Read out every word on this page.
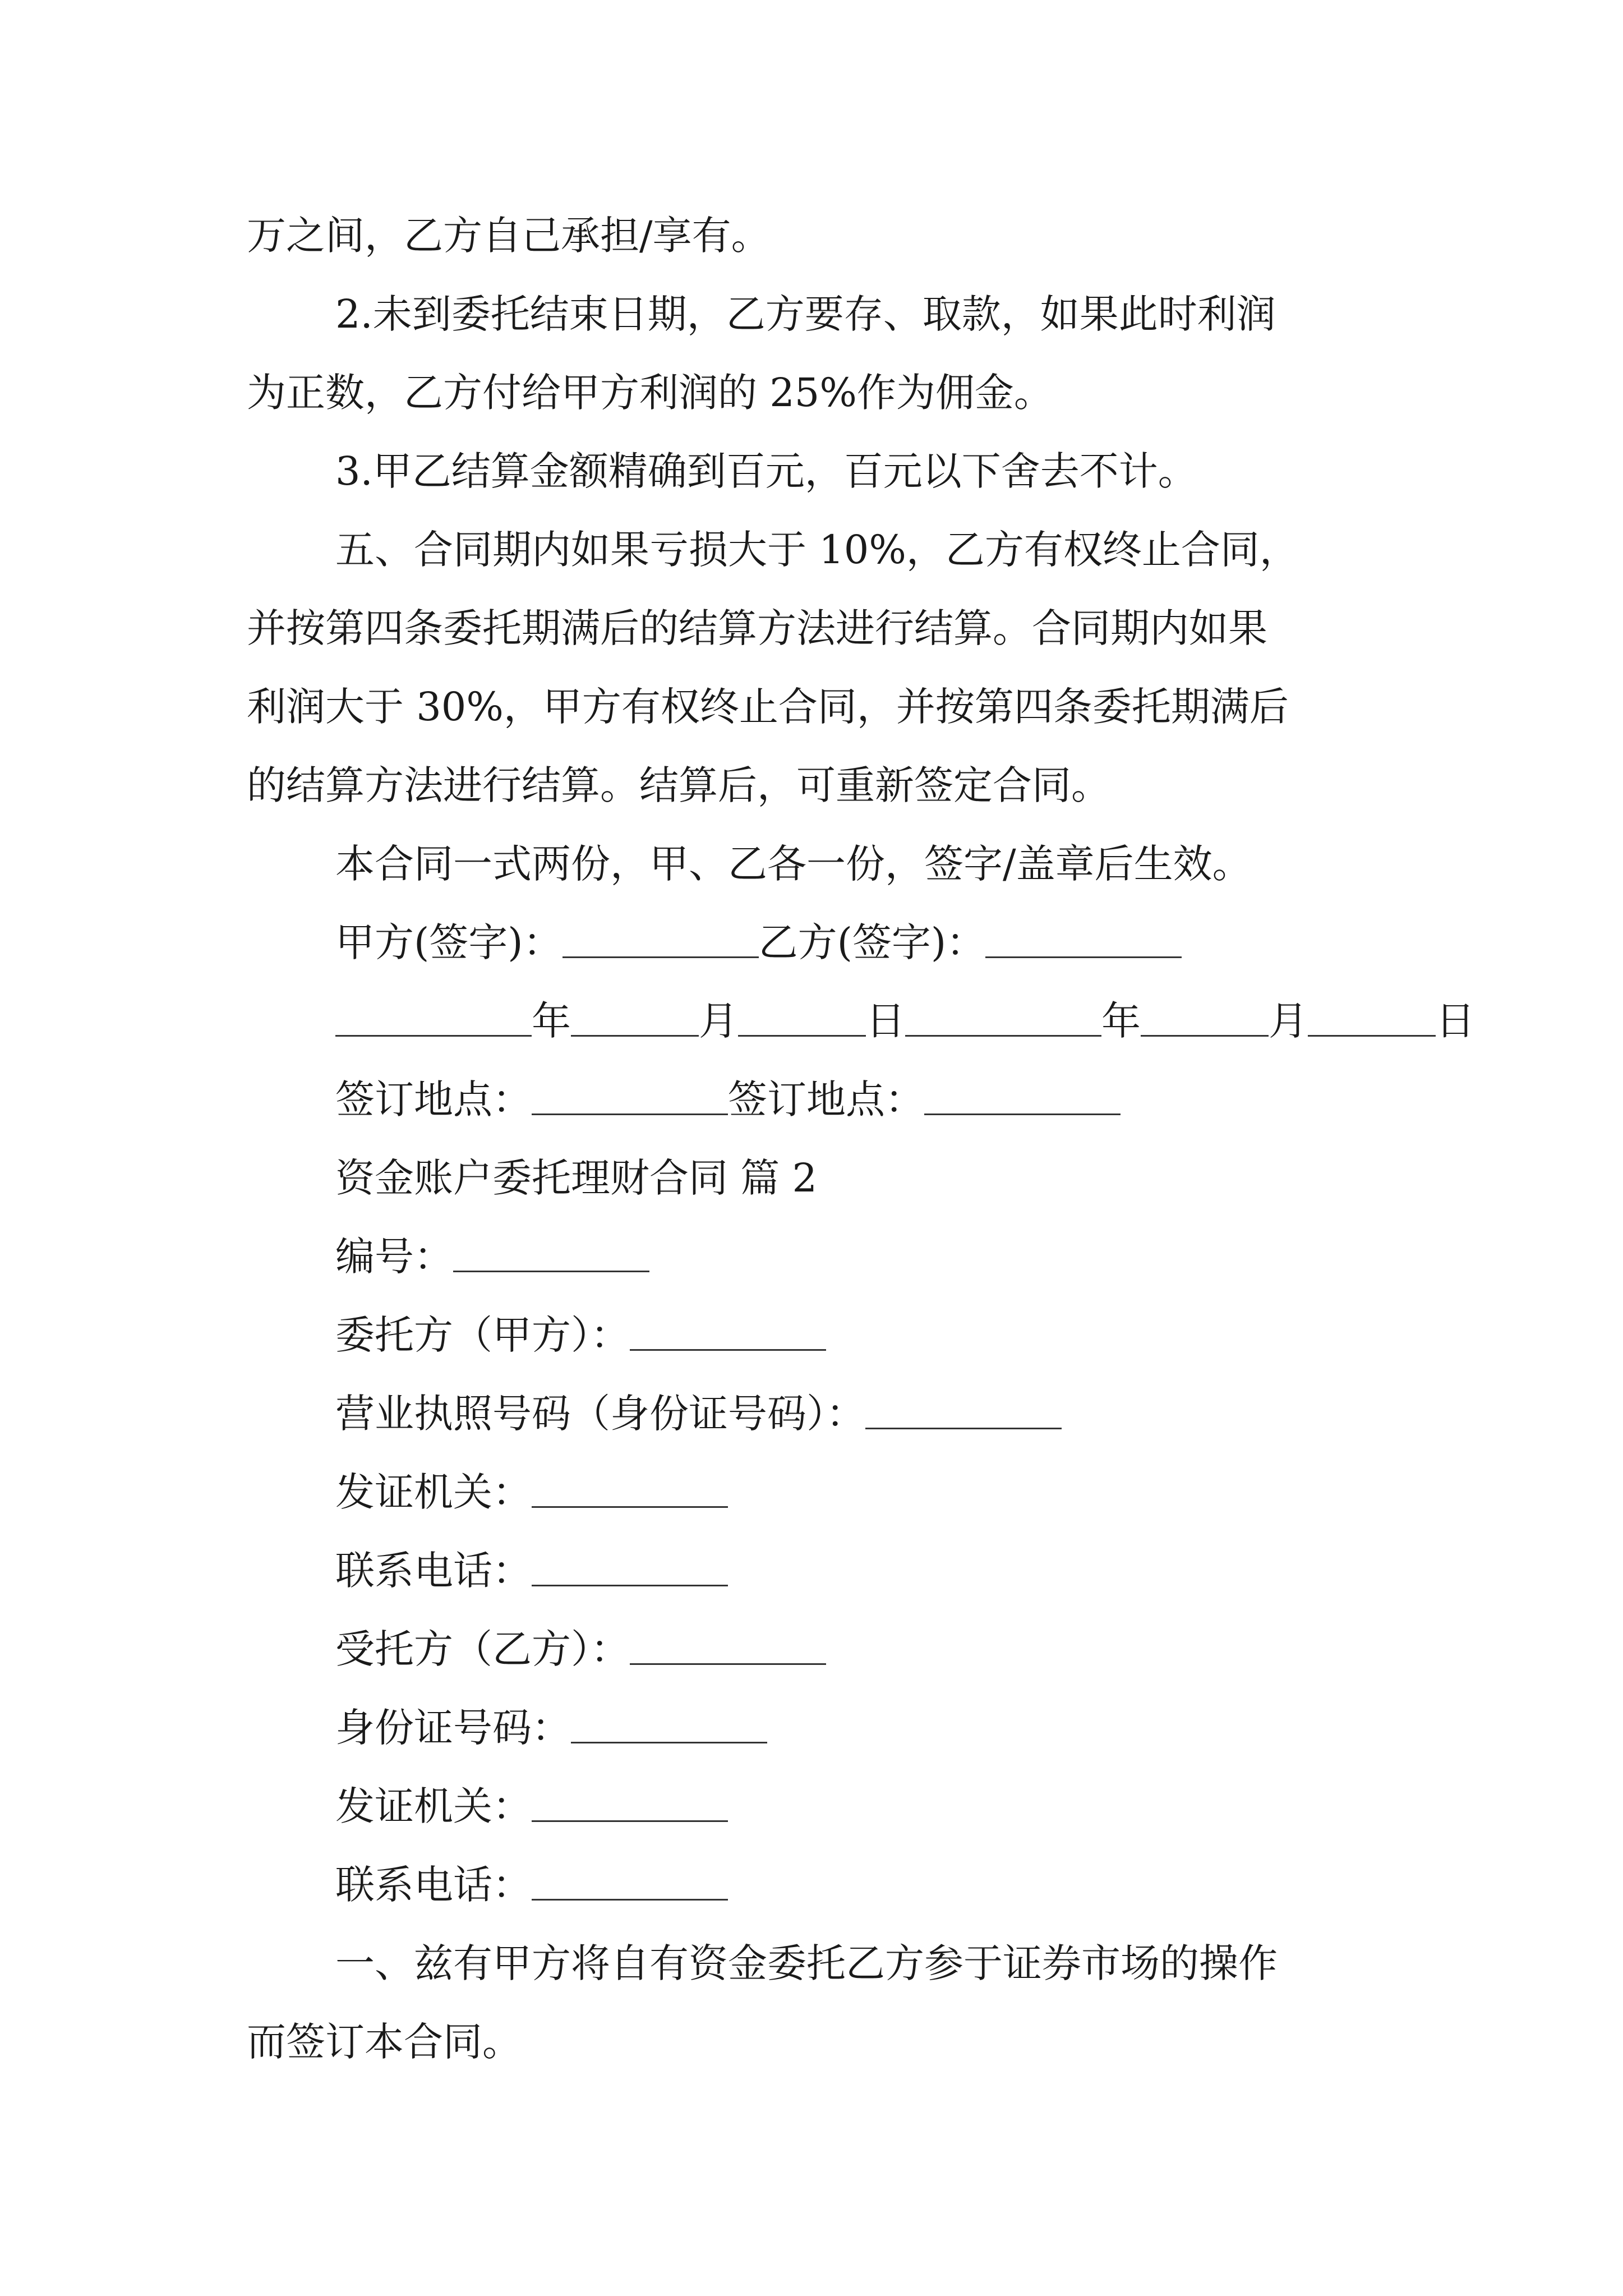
万之间，乙方自己承担/享有。

2.未到委托结束日期，乙方要存、取款，如果此时利润

为正数，乙方付给甲方利润的 25%作为佣金。

3.甲乙结算金额精确到百元，百元以下舍去不计。

五、合同期内如果亏损大于 10%，乙方有权终止合同，

并按第四条委托期满后的结算方法进行结算。合同期内如果

利润大于 30%，甲方有权终止合同，并按第四条委托期满后

的结算方法进行结算。结算后，可重新签定合同。

本合同一式两份，甲、乙各一份，签字/盖章后生效。

甲方(签字)：	乙方(签字)：
年	月	日	年	月	日
签订地点：	签订地点：

资金账户委托理财合同 篇 2

编号：
委托方（甲方）：
营业执照号码（身份证号码）：
发证机关：
联系电话：
受托方（乙方）：
身份证号码：
发证机关：
联系电话：

一、兹有甲方将自有资金委托乙方参于证券市场的操作

而签订本合同。
